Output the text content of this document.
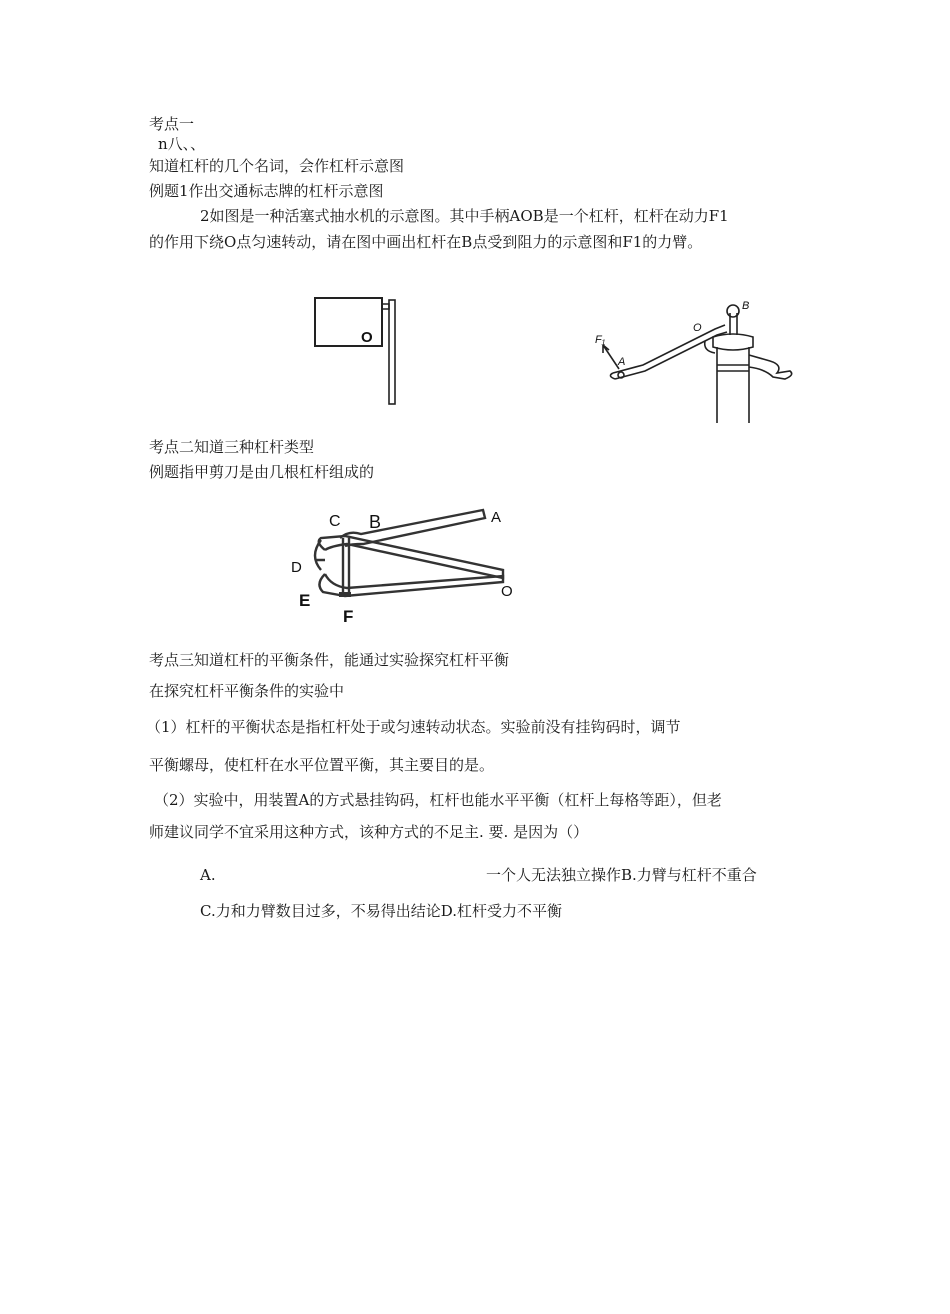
考点一
n八、、
知道杠杆的几个名词，会作杠杆示意图
例题1作出交通标志牌的杠杆示意图
2如图是一种活塞式抽水机的示意图。其中手柄AOB是一个杠杆，杠杆在动力F1
的作用下绕O点匀速转动，请在图中画出杠杆在B点受到阻力的示意图和F1的力臂。
O
B
O
F₁
A
考点二知道三种杠杆类型
例题指甲剪刀是由几根杠杆组成的
C B	A
D
E
F
O
考点三知道杠杆的平衡条件，能通过实验探究杠杆平衡
在探究杠杆平衡条件的实验中
（1）杠杆的平衡状态是指杠杆处于或匀速转动状态。实验前没有挂钩码时，调节
平衡螺母，使杠杆在水平位置平衡，其主要目的是。
（2）实验中，用装置A的方式悬挂钩码，杠杆也能水平平衡（杠杆上每格等距），但老
师建议同学不宜采用这种方式，该种方式的不足主. 要. 是因为（）
A.	一个人无法独立操作B.力臂与杠杆不重合
C.力和力臂数目过多，不易得出结论D.杠杆受力不平衡
